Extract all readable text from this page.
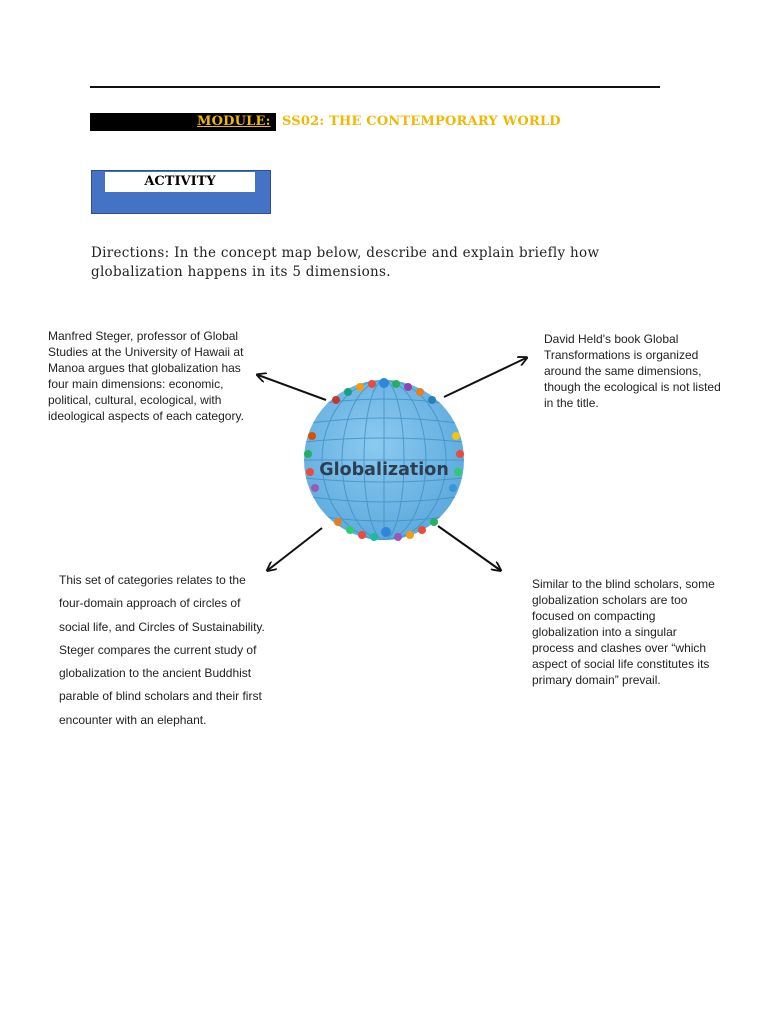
MODULE: SS02: THE CONTEMPORARY WORLD
ACTIVITY
Directions: In the concept map below, describe and explain briefly how globalization happens in its 5 dimensions.
Globalization
Manfred Steger, professor of Global Studies at the University of Hawaii at Manoa argues that globalization has four main dimensions: economic, political, cultural, ecological, with ideological aspects of each category.
David Held's book Global Transformations is organized around the same dimensions, though the ecological is not listed in the title.
This set of categories relates to the four-domain approach of circles of social life, and Circles of Sustainability. Steger compares the current study of globalization to the ancient Buddhist parable of blind scholars and their first encounter with an elephant.
Similar to the blind scholars, some globalization scholars are too focused on compacting globalization into a singular process and clashes over “which aspect of social life constitutes its primary domain” prevail.
